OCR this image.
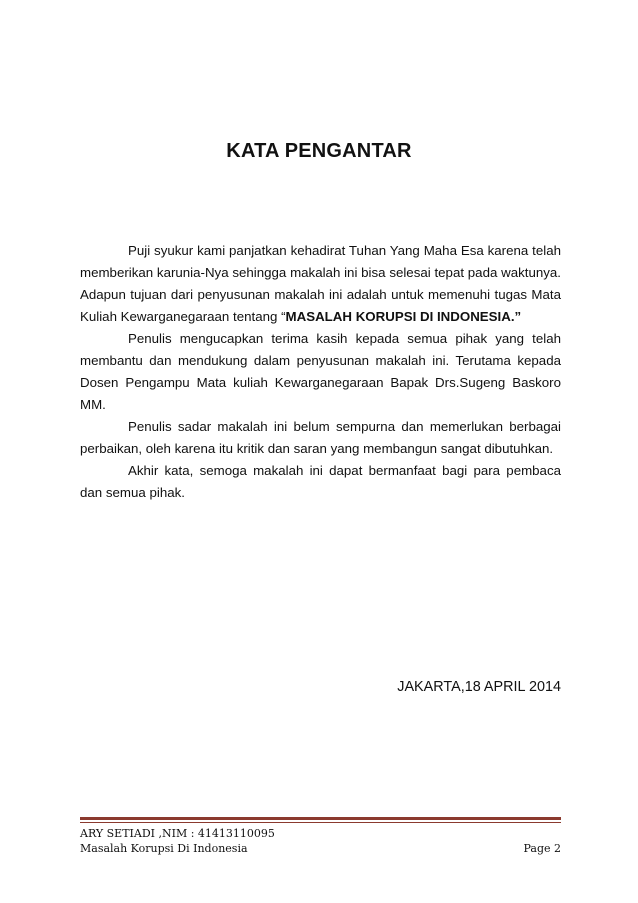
KATA PENGANTAR

Puji syukur kami panjatkan kehadirat Tuhan Yang Maha Esa karena telah memberikan karunia-Nya sehingga makalah ini bisa selesai tepat pada waktunya. Adapun tujuan dari penyusunan makalah ini adalah untuk memenuhi tugas Mata Kuliah Kewarganegaraan tentang “MASALAH KORUPSI DI INDONESIA.”

Penulis mengucapkan terima kasih kepada semua pihak yang telah membantu dan mendukung dalam penyusunan makalah ini. Terutama kepada Dosen Pengampu Mata kuliah Kewarganegaraan Bapak Drs.Sugeng Baskoro MM.

Penulis sadar makalah ini belum sempurna dan memerlukan berbagai perbaikan, oleh karena itu kritik dan saran yang membangun sangat dibutuhkan.

Akhir kata, semoga makalah ini dapat bermanfaat bagi para pembaca dan semua pihak.

JAKARTA,18 APRIL 2014
ARY SETIADI ,NIM : 41413110095
Masalah Korupsi Di Indonesia	Page 2
